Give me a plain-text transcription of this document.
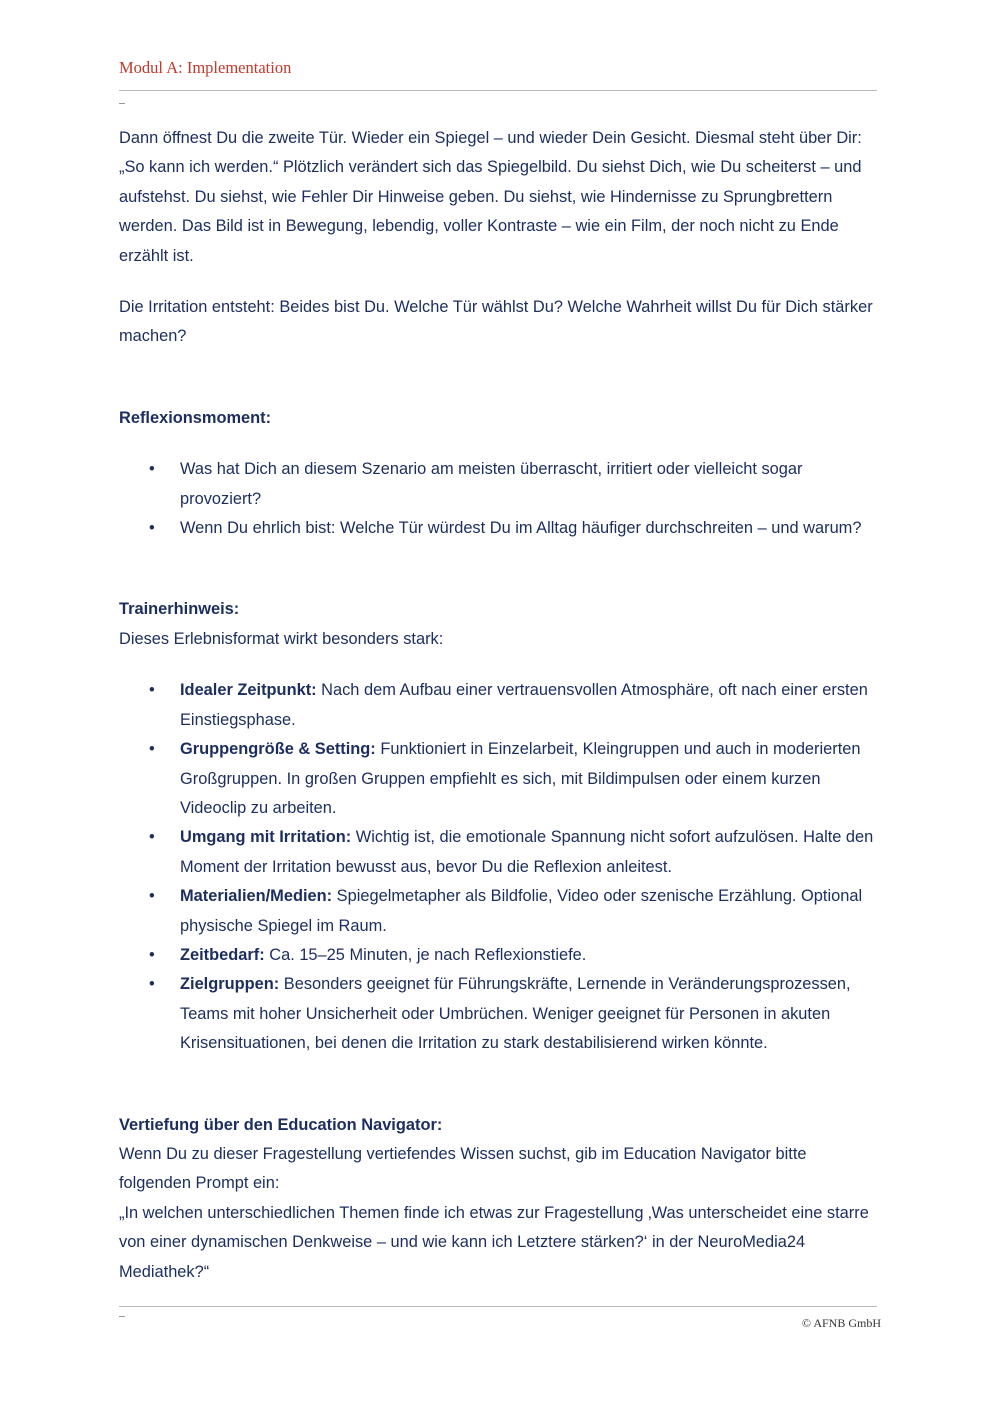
Modul A: Implementation

Dann öffnest Du die zweite Tür. Wieder ein Spiegel – und wieder Dein Gesicht. Diesmal steht über Dir: „So kann ich werden.“ Plötzlich verändert sich das Spiegelbild. Du siehst Dich, wie Du scheiterst – und aufstehst. Du siehst, wie Fehler Dir Hinweise geben. Du siehst, wie Hindernisse zu Sprungbrettern werden. Das Bild ist in Bewegung, lebendig, voller Kontraste – wie ein Film, der noch nicht zu Ende erzählt ist.

Die Irritation entsteht: Beides bist Du. Welche Tür wählst Du? Welche Wahrheit willst Du für Dich stärker machen?

Reflexionsmoment:

• Was hat Dich an diesem Szenario am meisten überrascht, irritiert oder vielleicht sogar provoziert?
• Wenn Du ehrlich bist: Welche Tür würdest Du im Alltag häufiger durchschreiten – und warum?

Trainerhinweis:

Dieses Erlebnisformat wirkt besonders stark:

• Idealer Zeitpunkt: Nach dem Aufbau einer vertrauensvollen Atmosphäre, oft nach einer ersten Einstiegsphase.
• Gruppengröße & Setting: Funktioniert in Einzelarbeit, Kleingruppen und auch in moderierten Großgruppen. In großen Gruppen empfiehlt es sich, mit Bildimpulsen oder einem kurzen Videoclip zu arbeiten.
• Umgang mit Irritation: Wichtig ist, die emotionale Spannung nicht sofort aufzulösen. Halte den Moment der Irritation bewusst aus, bevor Du die Reflexion anleitest.
• Materialien/Medien: Spiegelmetapher als Bildfolie, Video oder szenische Erzählung. Optional physische Spiegel im Raum.
• Zeitbedarf: Ca. 15–25 Minuten, je nach Reflexionstiefe.
• Zielgruppen: Besonders geeignet für Führungskräfte, Lernende in Veränderungsprozessen, Teams mit hoher Unsicherheit oder Umbrüchen. Weniger geeignet für Personen in akuten Krisensituationen, bei denen die Irritation zu stark destabilisierend wirken könnte.

Vertiefung über den Education Navigator:

Wenn Du zu dieser Fragestellung vertiefendes Wissen suchst, gib im Education Navigator bitte folgenden Prompt ein:

„In welchen unterschiedlichen Themen finde ich etwas zur Fragestellung ‚Was unterscheidet eine starre von einer dynamischen Denkweise – und wie kann ich Letztere stärken?‘ in der NeuroMedia24 Mediathek?“

© AFNB GmbH
